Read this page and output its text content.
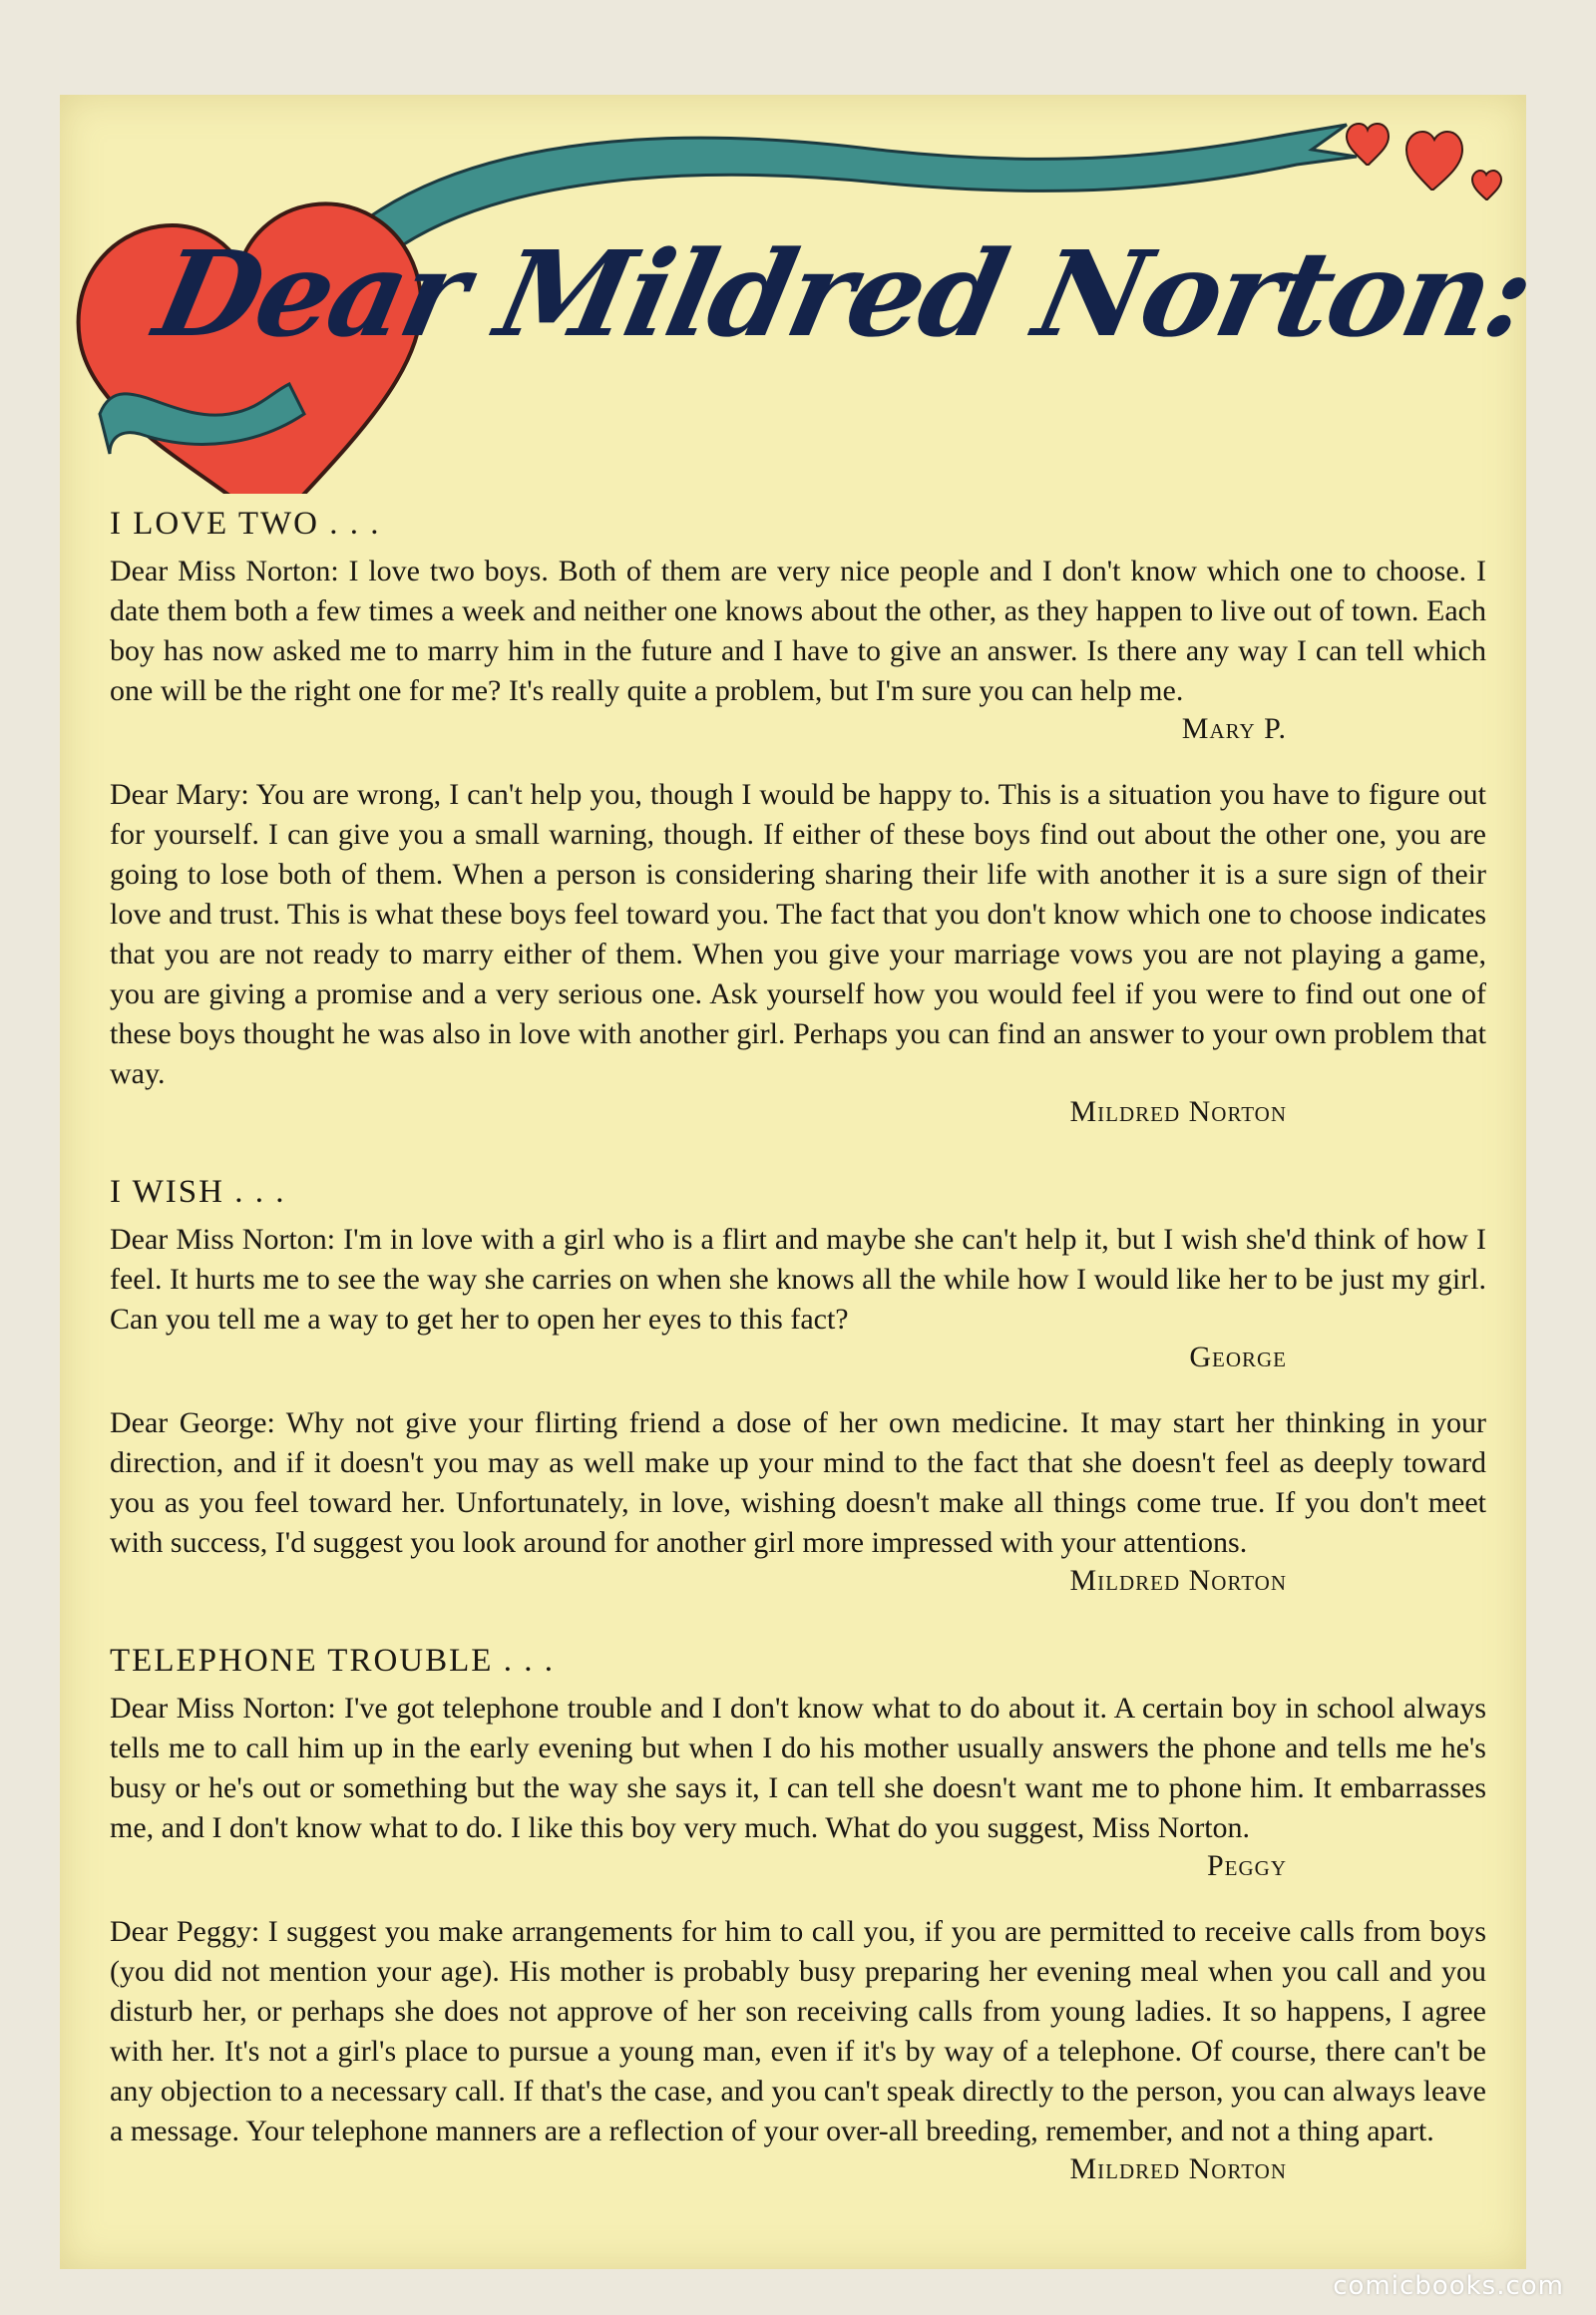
Dear Mildred Norton:
I LOVE TWO . . .

Dear Miss Norton: I love two boys. Both of them are very nice people and I don't know which one to choose. I date them both a few times a week and neither one knows about the other, as they happen to live out of town. Each boy has now asked me to marry him in the future and I have to give an answer. Is there any way I can tell which one will be the right one for me? It's really quite a problem, but I'm sure you can help me.

Mary P.

Dear Mary: You are wrong, I can't help you, though I would be happy to. This is a situation you have to figure out for yourself. I can give you a small warning, though. If either of these boys find out about the other one, you are going to lose both of them. When a person is considering sharing their life with another it is a sure sign of their love and trust. This is what these boys feel toward you. The fact that you don't know which one to choose indicates that you are not ready to marry either of them. When you give your marriage vows you are not playing a game, you are giving a promise and a very serious one. Ask yourself how you would feel if you were to find out one of these boys thought he was also in love with another girl. Perhaps you can find an answer to your own problem that way.

Mildred Norton
I WISH . . .

Dear Miss Norton: I'm in love with a girl who is a flirt and maybe she can't help it, but I wish she'd think of how I feel. It hurts me to see the way she carries on when she knows all the while how I would like her to be just my girl. Can you tell me a way to get her to open her eyes to this fact?

George

Dear George: Why not give your flirting friend a dose of her own medicine. It may start her thinking in your direction, and if it doesn't you may as well make up your mind to the fact that she doesn't feel as deeply toward you as you feel toward her. Unfortunately, in love, wishing doesn't make all things come true. If you don't meet with success, I'd suggest you look around for another girl more impressed with your attentions.

Mildred Norton
TELEPHONE TROUBLE . . .

Dear Miss Norton: I've got telephone trouble and I don't know what to do about it. A certain boy in school always tells me to call him up in the early evening but when I do his mother usually answers the phone and tells me he's busy or he's out or something but the way she says it, I can tell she doesn't want me to phone him. It embarrasses me, and I don't know what to do. I like this boy very much. What do you suggest, Miss Norton.

Peggy

Dear Peggy: I suggest you make arrangements for him to call you, if you are permitted to receive calls from boys (you did not mention your age). His mother is probably busy preparing her evening meal when you call and you disturb her, or perhaps she does not approve of her son receiving calls from young ladies. It so happens, I agree with her. It's not a girl's place to pursue a young man, even if it's by way of a telephone. Of course, there can't be any objection to a necessary call. If that's the case, and you can't speak directly to the person, you can always leave a message. Your telephone manners are a reflection of your over-all breeding, remember, and not a thing apart.

Mildred Norton
comicbooks.com
